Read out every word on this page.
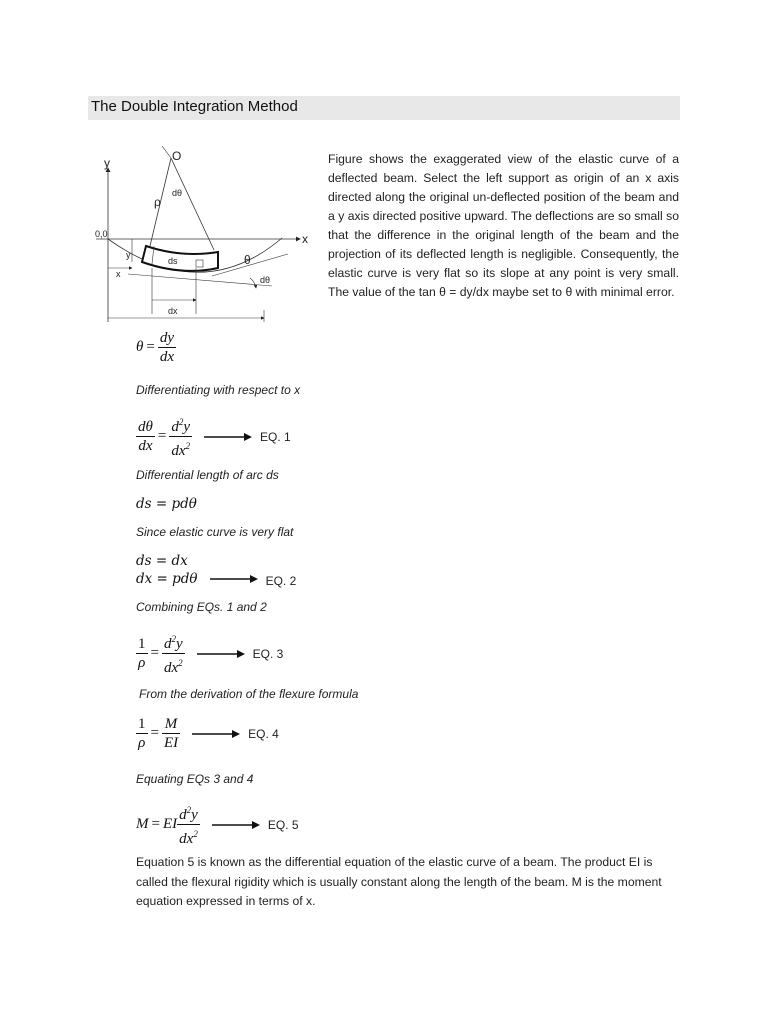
The Double Integration Method
y
0,0	x
O
ρ
dθ
ds	θ
dθ
y
x
dx
Figure shows the exaggerated view of the elastic curve of a deflected beam. Select the left support as origin of an x axis directed along the original un-deflected position of the beam and a y axis directed positive upward. The deflections are so small so that the difference in the original length of the beam and the projection of its deflected length is negligible. Consequently, the elastic curve is very flat so its slope at any point is very small. The value of the tan θ = dy/dx maybe set to θ with minimal error.
$\theta = \frac{dy}{dx}$
Differentiating with respect to x
$\frac{d\theta}{dx} = \frac{d^2y}{dx^2}$	EQ. 1
Differential length of arc ds
ds = pdθ
Since elastic curve is very flat
ds = dx
dx = pdθ	EQ. 2
Combining EQs. 1 and 2
$\frac{1}{\rho} = \frac{d^2y}{dx^2}$	EQ. 3
From the derivation of the flexure formula
$\frac{1}{\rho} = \frac{M}{EI}$	EQ. 4
Equating EQs 3 and 4
M = EI $\frac{d^2y}{dx^2}$	EQ. 5
Equation 5 is known as the differential equation of the elastic curve of a beam. The product EI is called the flexural rigidity which is usually constant along the length of the beam. M is the moment equation expressed in terms of x.
